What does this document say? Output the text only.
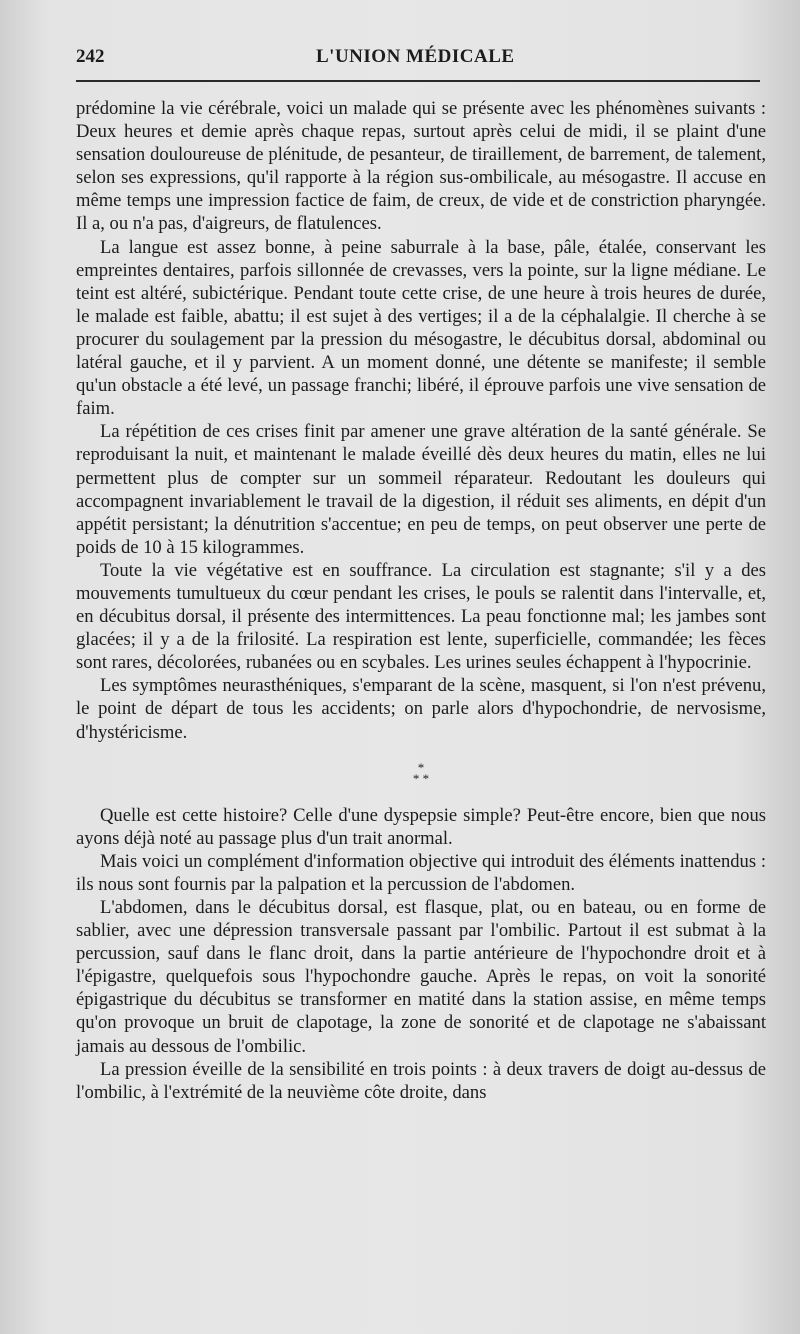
242	L'UNION MÉDICALE

prédomine la vie cérébrale, voici un malade qui se présente avec les phénomènes suivants : Deux heures et demie après chaque repas, surtout après celui de midi, il se plaint d'une sensation douloureuse de plénitude, de pesanteur, de tiraillement, de barrement, de talement, selon ses expressions, qu'il rapporte à la région sus-ombilicale, au mésogastre. Il accuse en même temps une impression factice de faim, de creux, de vide et de constriction pharyngée. Il a, ou n'a pas, d'aigreurs, de flatulences.

La langue est assez bonne, à peine saburrale à la base, pâle, étalée, conservant les empreintes dentaires, parfois sillonnée de crevasses, vers la pointe, sur la ligne médiane. Le teint est altéré, subictérique. Pendant toute cette crise, de une heure à trois heures de durée, le malade est faible, abattu; il est sujet à des vertiges; il a de la céphalalgie. Il cherche à se procurer du soulagement par la pression du mésogastre, le décubitus dorsal, abdominal ou latéral gauche, et il y parvient. A un moment donné, une détente se manifeste; il semble qu'un obstacle a été levé, un passage franchi; libéré, il éprouve parfois une vive sensation de faim.

La répétition de ces crises finit par amener une grave altération de la santé générale. Se reproduisant la nuit, et maintenant le malade éveillé dès deux heures du matin, elles ne lui permettent plus de compter sur un sommeil réparateur. Redoutant les douleurs qui accompagnent invariablement le travail de la digestion, il réduit ses aliments, en dépit d'un appétit persistant; la dénutrition s'accentue; en peu de temps, on peut observer une perte de poids de 10 à 15 kilogrammes.

Toute la vie végétative est en souffrance. La circulation est stagnante; s'il y a des mouvements tumultueux du cœur pendant les crises, le pouls se ralentit dans l'intervalle, et, en décubitus dorsal, il présente des intermittences. La peau fonctionne mal; les jambes sont glacées; il y a de la frilosité. La respiration est lente, superficielle, commandée; les fèces sont rares, décolorées, rubanées ou en scybales. Les urines seules échappent à l'hypocrinie.

Les symptômes neurasthéniques, s'emparant de la scène, masquent, si l'on n'est prévenu, le point de départ de tous les accidents; on parle alors d'hypochondrie, de nervosisme, d'hystéricisme.

*
* *

Quelle est cette histoire? Celle d'une dyspepsie simple? Peut-être encore, bien que nous ayons déjà noté au passage plus d'un trait anormal.

Mais voici un complément d'information objective qui introduit des éléments inattendus : ils nous sont fournis par la palpation et la percussion de l'abdomen.

L'abdomen, dans le décubitus dorsal, est flasque, plat, ou en bateau, ou en forme de sablier, avec une dépression transversale passant par l'ombilic. Partout il est submat à la percussion, sauf dans le flanc droit, dans la partie antérieure de l'hypochondre droit et à l'épigastre, quelquefois sous l'hypochondre gauche. Après le repas, on voit la sonorité épigastrique du décubitus se transformer en matité dans la station assise, en même temps qu'on provoque un bruit de clapotage, la zone de sonorité et de clapotage ne s'abaissant jamais au dessous de l'ombilic.

La pression éveille de la sensibilité en trois points : à deux travers de doigt au-dessus de l'ombilic, à l'extrémité de la neuvième côte droite, dans
